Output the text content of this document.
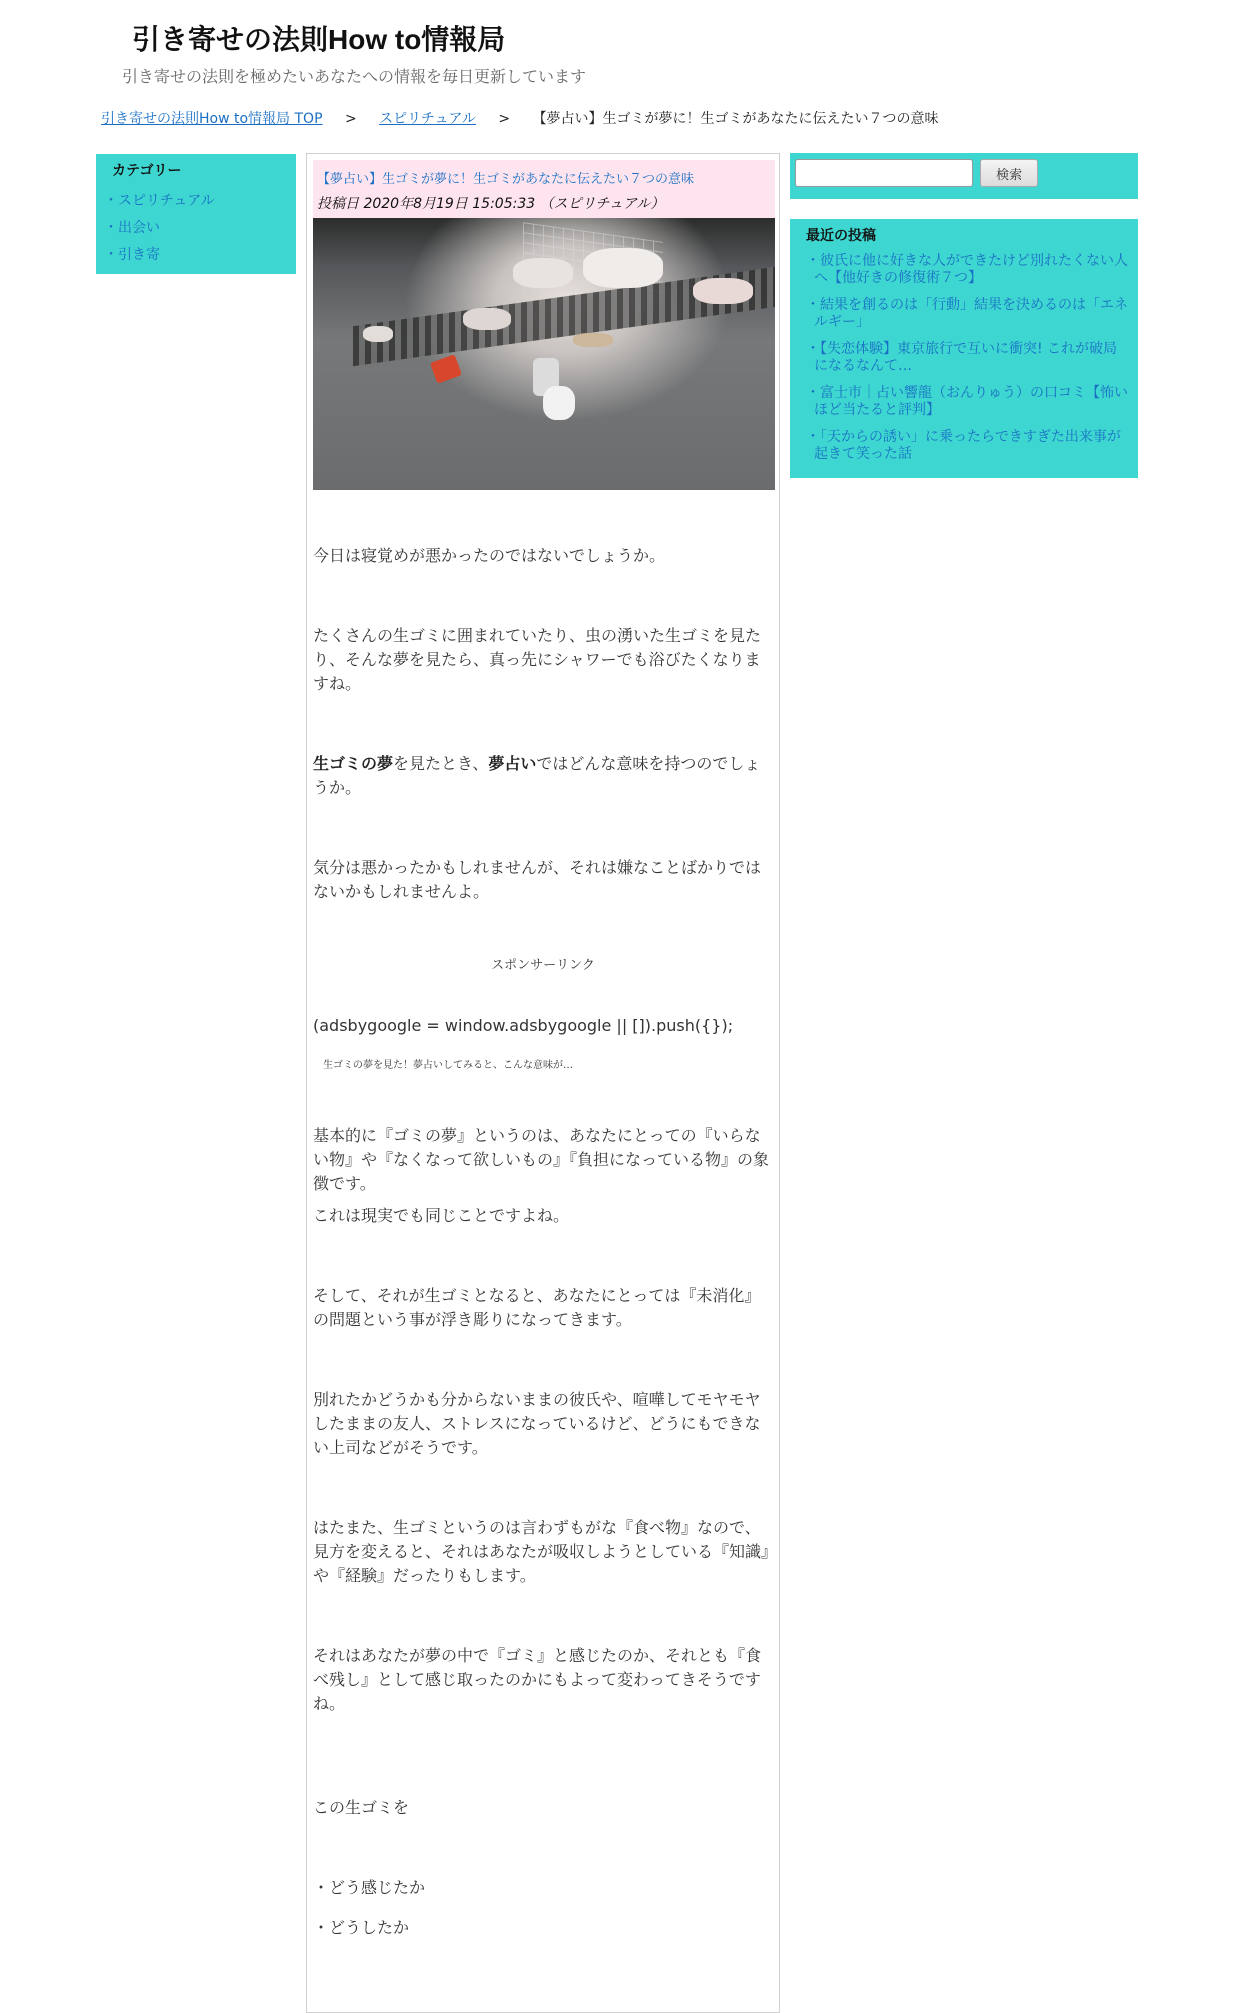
引き寄せの法則How to情報局
引き寄せの法則を極めたいあなたへの情報を毎日更新しています
引き寄せの法則How to情報局 TOP > スピリチュアル > 【夢占い】生ゴミが夢に！生ゴミがあなたに伝えたい７つの意味
カテゴリー
・ スピリチュアル
・ 出会い
・ 引き寄
【夢占い】生ゴミが夢に！生ゴミがあなたに伝えたい７つの意味
投稿日 2020年8月19日 15:05:33 （スピリチュアル）

今日は寝覚めが悪かったのではないでしょうか。

たくさんの生ゴミに囲まれていたり、虫の湧いた生ゴミを見たり、そんな夢を見たら、真っ先にシャワーでも浴びたくなりますね。

生ゴミの夢を見たとき、夢占いではどんな意味を持つのでしょうか。

気分は悪かったかもしれませんが、それは嫌なことばかりではないかもしれませんよ。

スポンサーリンク

(adsbygoogle = window.adsbygoogle || []).push({});

生ゴミの夢を見た！夢占いしてみると、こんな意味が…

基本的に『ゴミの夢』というのは、あなたにとっての『いらない物』や『なくなって欲しいもの』『負担になっている物』の象徴です。

これは現実でも同じことですよね。

そして、それが生ゴミとなると、あなたにとっては『未消化』の問題という事が浮き彫りになってきます。

別れたかどうかも分からないままの彼氏や、喧嘩してモヤモヤしたままの友人、ストレスになっているけど、どうにもできない上司などがそうです。

はたまた、生ゴミというのは言わずもがな『食べ物』なので、見方を変えると、それはあなたが吸収しようとしている『知識』や『経験』だったりもします。

それはあなたが夢の中で『ゴミ』と感じたのか、それとも『食べ残し』として感じ取ったのかにもよって変わってきそうですね。

この生ゴミを

・どう感じたか

・どうしたか

検索
最近の投稿
・ 彼氏に他に好きな人ができたけど別れたくない人へ【他好きの修復術７つ】
・ 結果を創るのは「行動」結果を決めるのは「エネルギー」
・ 【失恋体験】東京旅行で互いに衝突! これが破局になるなんて…
・ 富士市｜占い響龍（おんりゅう）の口コミ【怖いほど当たると評判】
・ 「天からの誘い」に乗ったらできすぎた出来事が起きて笑った話
